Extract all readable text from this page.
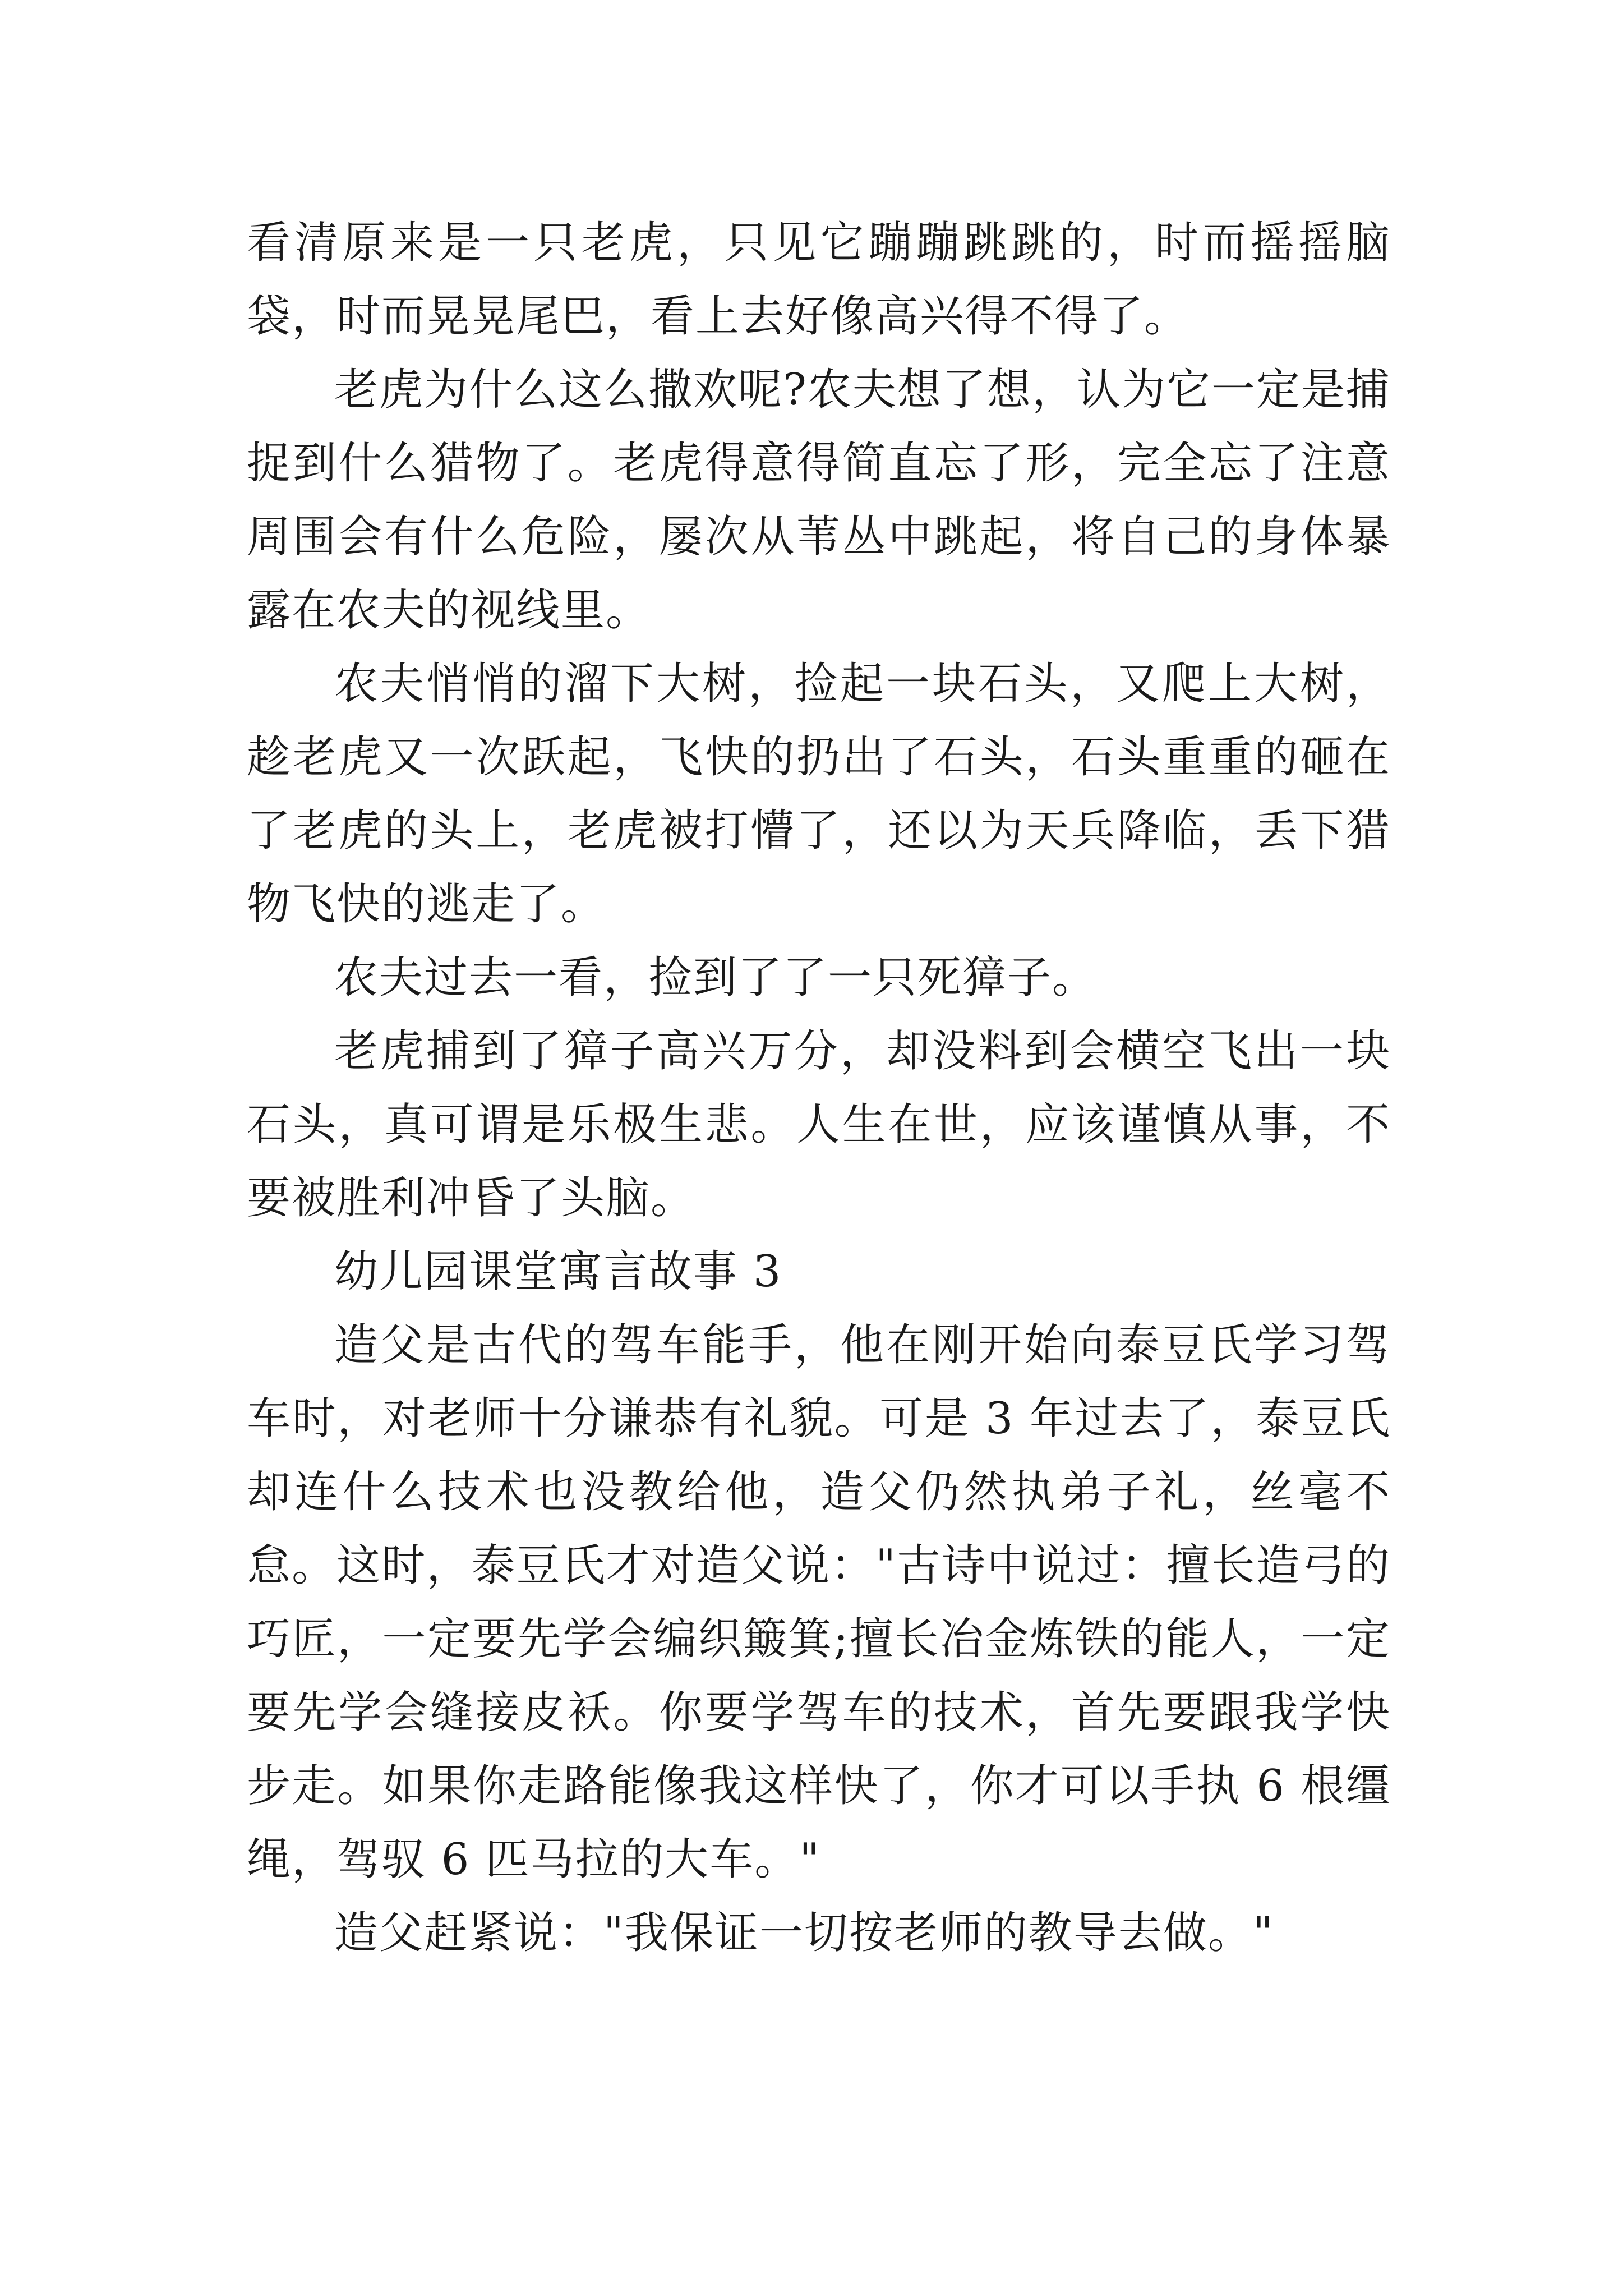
看清原来是一只老虎，只见它蹦蹦跳跳的，时而摇摇脑袋，时而晃晃尾巴，看上去好像高兴得不得了。

老虎为什么这么撒欢呢?农夫想了想，认为它一定是捕捉到什么猎物了。老虎得意得简直忘了形，完全忘了注意周围会有什么危险，屡次从苇丛中跳起，将自己的身体暴露在农夫的视线里。

农夫悄悄的溜下大树，捡起一块石头，又爬上大树，趁老虎又一次跃起，飞快的扔出了石头，石头重重的砸在了老虎的头上，老虎被打懵了，还以为天兵降临，丢下猎物飞快的逃走了。

农夫过去一看，捡到了了一只死獐子。

老虎捕到了獐子高兴万分，却没料到会横空飞出一块石头，真可谓是乐极生悲。人生在世，应该谨慎从事，不要被胜利冲昏了头脑。

幼儿园课堂寓言故事 3

造父是古代的驾车能手，他在刚开始向泰豆氏学习驾车时，对老师十分谦恭有礼貌。可是 3 年过去了，泰豆氏却连什么技术也没教给他，造父仍然执弟子礼，丝毫不怠。这时，泰豆氏才对造父说："古诗中说过：擅长造弓的巧匠，一定要先学会编织簸箕;擅长冶金炼铁的能人，一定要先学会缝接皮袄。你要学驾车的技术，首先要跟我学快步走。如果你走路能像我这样快了，你才可以手执 6 根缰绳，驾驭 6 匹马拉的大车。"

造父赶紧说："我保证一切按老师的教导去做。"
